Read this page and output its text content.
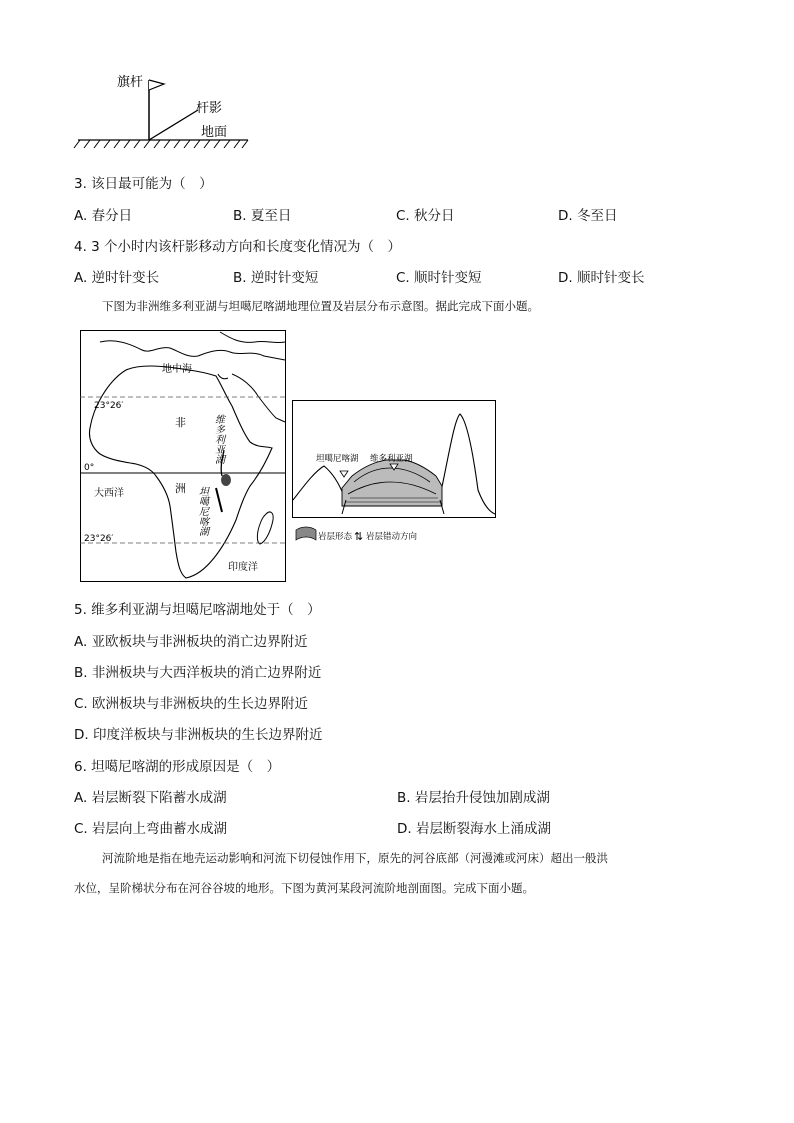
旗杆
杆影
地面
3. 该日最可能为（　）
A. 春分日	B. 夏至日	C. 秋分日	D. 冬至日
4. 3 个小时内该杆影移动方向和长度变化情况为（　）
A. 逆时针变长	B. 逆时针变短	C. 顺时针变短	D. 顺时针变长
下图为非洲维多利亚湖与坦噶尼喀湖地理位置及岩层分布示意图。据此完成下面小题。
地中海
23°26′
23°26′
0°
非
洲
维多利亚湖
坦噶尼喀湖
大西洋
印度洋
坦噶尼喀湖 维多利亚湖
岩层形态 ⇅ 岩层错动方向
5. 维多利亚湖与坦噶尼喀湖地处于（　）
A. 亚欧板块与非洲板块的消亡边界附近
B. 非洲板块与大西洋板块的消亡边界附近
C. 欧洲板块与非洲板块的生长边界附近
D. 印度洋板块与非洲板块的生长边界附近
6. 坦噶尼喀湖的形成原因是（　）
A. 岩层断裂下陷蓄水成湖	B. 岩层抬升侵蚀加剧成湖
C. 岩层向上弯曲蓄水成湖	D. 岩层断裂海水上涌成湖
河流阶地是指在地壳运动影响和河流下切侵蚀作用下，原先的河谷底部（河漫滩或河床）超出一般洪
水位，呈阶梯状分布在河谷谷坡的地形。下图为黄河某段河流阶地剖面图。完成下面小题。
